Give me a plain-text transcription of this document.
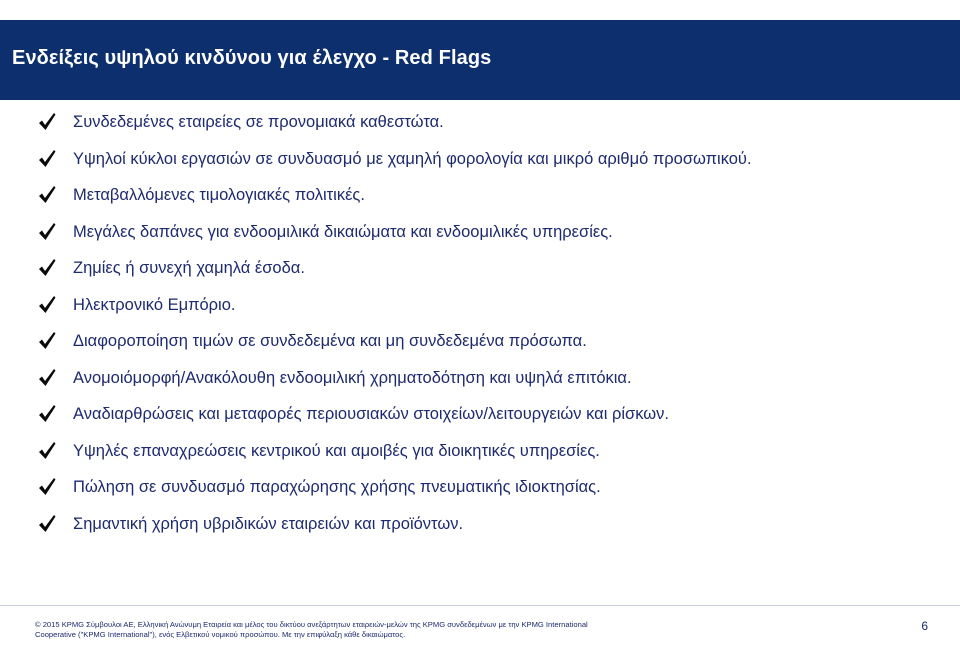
Ενδείξεις υψηλού κινδύνου για έλεγχο - Red Flags
Συνδεδεμένες εταιρείες σε προνομιακά καθεστώτα.
Υψηλοί κύκλοι εργασιών σε συνδυασμό με χαμηλή φορολογία και μικρό αριθμό προσωπικού.
Μεταβαλλόμενες τιμολογιακές πολιτικές.
Μεγάλες δαπάνες για ενδοομιλικά δικαιώματα και ενδοομιλικές υπηρεσίες.
Ζημίες ή συνεχή χαμηλά έσοδα.
Ηλεκτρονικό Εμπόριο.
Διαφοροποίηση τιμών σε συνδεδεμένα και μη συνδεδεμένα πρόσωπα.
Ανομοιόμορφή/Ανακόλουθη ενδοομιλική χρηματοδότηση και υψηλά επιτόκια.
Αναδιαρθρώσεις και μεταφορές περιουσιακών στοιχείων/λειτουργειών και ρίσκων.
Υψηλές επαναχρεώσεις κεντρικού και αμοιβές για διοικητικές υπηρεσίες.
Πώληση σε συνδυασμό παραχώρησης χρήσης πνευματικής ιδιοκτησίας.
Σημαντική χρήση υβριδικών εταιρειών και προϊόντων.
© 2015 KPMG Σύμβουλοι ΑΕ, Ελληνική Ανώνυμη Εταιρεία και μέλος του δικτύου ανεξάρτητων εταιρειών-μελών της KPMG συνδεδεμένων με την KPMG International
Cooperative ("KPMG International"), ενός Ελβετικού νομικού προσώπου. Με την επιφύλαξη κάθε δικαιώματος.
6
